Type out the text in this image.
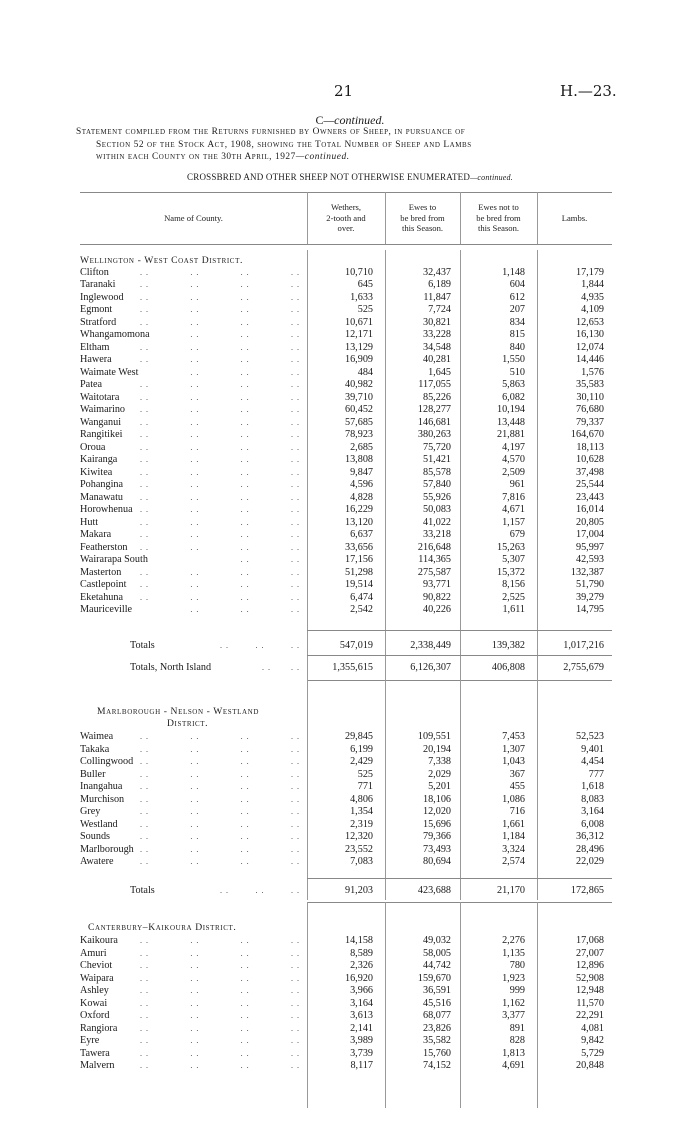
21	H.—23.
C—continued.
Statement compiled from the Returns furnished by Owners of Sheep, in pursuance of
Section 52 of the Stock Act, 1908, showing the Total Number of Sheep and Lambs
within each County on the 30th April, 1927—continued.
CROSSBRED AND OTHER SHEEP NOT OTHERWISE ENUMERATED—continued.
Name of County.
Wethers,
2-tooth and
over.
Ewes to
be bred from
this Season.
Ewes not to
be bred from
this Season.
Lambs.
Wellington - West Coast District.
Clifton	. .	. .	. .	. .	10,710	32,437	1,148	17,179
Taranaki	. .	. .	. .	. .	645	6,189	604	1,844
Inglewood . .	. .	. .	. .	1,633	11,847	612	4,935
Egmont	. .	. .	. .	. .	525	7,724	207	4,109
Stratford	. .	. .	. .	. .	10,671	30,821	834	12,653
Whangamomona	. .	. .	. .	12,171	33,228	815	16,130
Eltham	. .	. .	. .	. .	13,129	34,548	840	12,074
Hawera	. .	. .	. .	. .	16,909	40,281	1,550	14,446
Waimate West	. .	. .	. .	484	1,645	510	1,576
Patea	. .	. .	. .	. .	40,982	117,055	5,863	35,583
Waitotara	. .	. .	. .	. .	39,710	85,226	6,082	30,110
Waimarino . .	. .	. .	. .	60,452	128,277	10,194	76,680
Wanganui . .	. .	. .	. .	57,685	146,681	13,448	79,337
Rangitikei . .	. .	. .	. .	78,923	380,263	21,881	164,670
Oroua	. .	. .	. .	. .	2,685	75,720	4,197	18,113
Kairanga	. .	. .	. .	. .	13,808	51,421	4,570	10,628
Kiwitea	. .	. .	. .	. .	9,847	85,578	2,509	37,498
Pohangina . .	. .	. .	. .	4,596	57,840	961	25,544
Manawatu . .	. .	. .	. .	4,828	55,926	7,816	23,443
Horowhenua . .	. .	. .	. .	16,229	50,083	4,671	16,014
Hutt	. .	. .	. .	. .	13,120	41,022	1,157	20,805
Makara	. .	. .	. .	. .	6,637	33,218	679	17,004
Featherston . .	. .	. .	. .	33,656	216,648	15,263	95,997
Wairarapa South	. .	. .	17,156	114,365	5,307	42,593
Masterton . .	. .	. .	. .	51,298	275,587	15,372	132,387
Castlepoint . .	. .	. .	. .	19,514	93,771	8,156	51,790
Eketahuna . .	. .	. .	. .	6,474	90,822	2,525	39,279
Mauriceville	. .	. .	. .	2,542	40,226	1,611	14,795
Totals	. .	. .	. .	547,019	2,338,449	139,382	1,017,216
Totals, North Island	. .	. .	1,355,615	6,126,307	406,808	2,755,679
Marlborough - Nelson - Westland
District.
Waimea	. .	. .	. .	. .	29,845	109,551	7,453	52,523
Takaka	. .	. .	. .	. .	6,199	20,194	1,307	9,401
Collingwood . .	. .	. .	. .	2,429	7,338	1,043	4,454
Buller	. .	. .	. .	. .	525	2,029	367	777
Inangahua . .	. .	. .	. .	771	5,201	455	1,618
Murchison . .	. .	. .	. .	4,806	18,106	1,086	8,083
Grey	. .	. .	. .	. .	1,354	12,020	716	3,164
Westland	. .	. .	. .	. .	2,319	15,696	1,661	6,008
Sounds	. .	. .	. .	. .	12,320	79,366	1,184	36,312
Marlborough . .	. .	. .	. .	23,552	73,493	3,324	28,496
Awatere	. .	. .	. .	. .	7,083	80,694	2,574	22,029
Totals	. .	. .	. .	91,203	423,688	21,170	172,865
Canterbury–Kaikoura District.
Kaikoura	. .	. .	. .	. .	14,158	49,032	2,276	17,068
Amuri	. .	. .	. .	. .	8,589	58,005	1,135	27,007
Cheviot	. .	. .	. .	. .	2,326	44,742	780	12,896
Waipara	. .	. .	. .	. .	16,920	159,670	1,923	52,908
Ashley	. .	. .	. .	. .	3,966	36,591	999	12,948
Kowai	. .	. .	. .	. .	3,164	45,516	1,162	11,570
Oxford	. .	. .	. .	. .	3,613	68,077	3,377	22,291
Rangiora	. .	. .	. .	. .	2,141	23,826	891	4,081
Eyre	. .	. .	. .	. .	3,989	35,582	828	9,842
Tawera	. .	. .	. .	. .	3,739	15,760	1,813	5,729
Malvern	. .	. .	. .	. .	8,117	74,152	4,691	20,848
